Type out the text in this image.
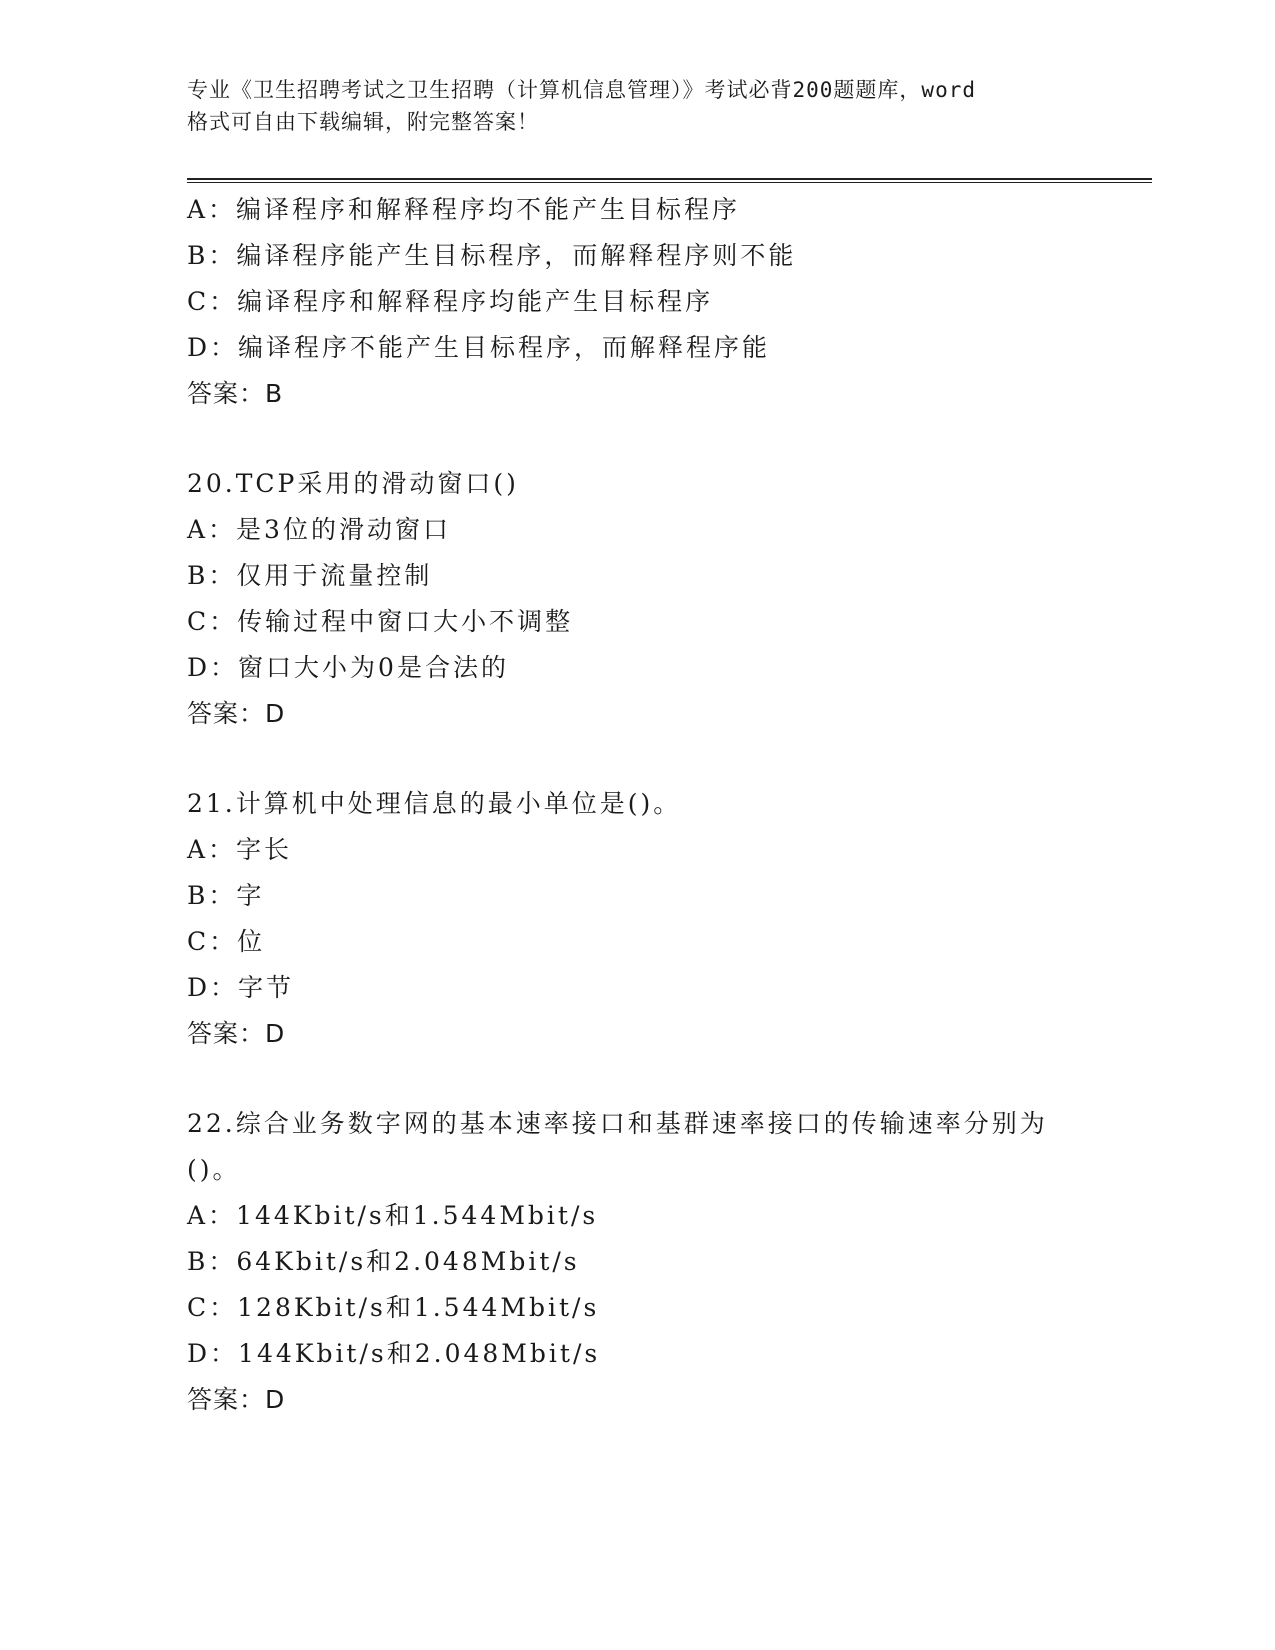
专业《卫生招聘考试之卫生招聘（计算机信息管理）》考试必背200题题库，word
格式可自由下载编辑，附完整答案！
A：编译程序和解释程序均不能产生目标程序
B：编译程序能产生目标程序，而解释程序则不能
C：编译程序和解释程序均能产生目标程序
D：编译程序不能产生目标程序，而解释程序能
答案：B
20.TCP采用的滑动窗口()
A：是3位的滑动窗口
B：仅用于流量控制
C：传输过程中窗口大小不调整
D：窗口大小为0是合法的
答案：D
21.计算机中处理信息的最小单位是()。
A：字长
B：字
C：位
D：字节
答案：D
22.综合业务数字网的基本速率接口和基群速率接口的传输速率分别为
()。
A：144Kbit/s和1.544Mbit/s
B：64Kbit/s和2.048Mbit/s
C：128Kbit/s和1.544Mbit/s
D：144Kbit/s和2.048Mbit/s
答案：D
